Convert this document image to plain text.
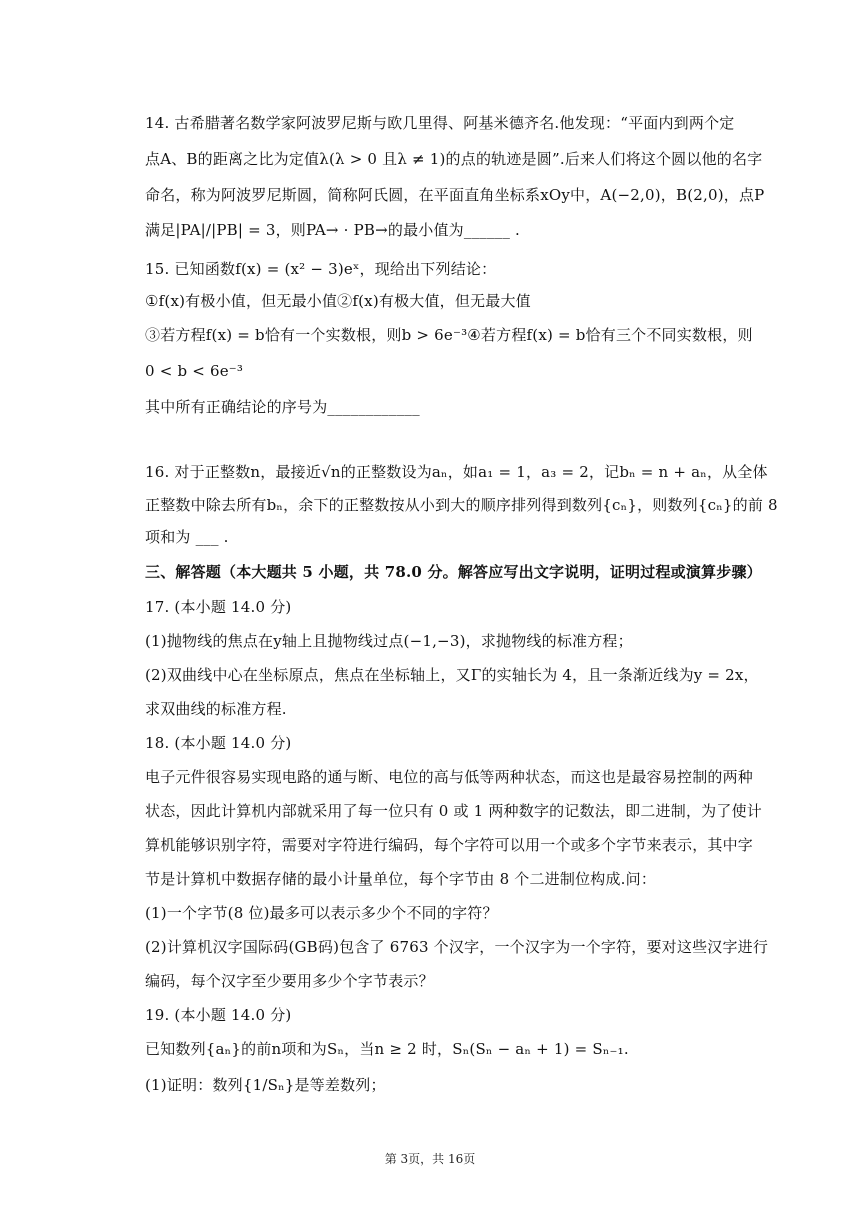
14. 古希腊著名数学家阿波罗尼斯与欧几里得、阿基米德齐名.他发现：“平面内到两个定
点A、B的距离之比为定值λ(λ > 0 且λ ≠ 1)的点的轨迹是圆”.后来人们将这个圆以他的名字
命名，称为阿波罗尼斯圆，简称阿氏圆，在平面直角坐标系xOy中，A(−2,0)，B(2,0)，点P
满足|PA|/|PB| = 3，则PA→ · PB→的最小值为______ .
15. 已知函数f(x) = (x² − 3)eˣ，现给出下列结论：
①f(x)有极小值，但无最小值②f(x)有极大值，但无最大值
③若方程f(x) = b恰有一个实数根，则b > 6e⁻³④若方程f(x) = b恰有三个不同实数根，则
0 < b < 6e⁻³
其中所有正确结论的序号为____________
16. 对于正整数n，最接近√n的正整数设为aₙ，如a₁ = 1，a₃ = 2，记bₙ = n + aₙ，从全体
正整数中除去所有bₙ，余下的正整数按从小到大的顺序排列得到数列{cₙ}，则数列{cₙ}的前 8
项和为 ___ .
三、解答题（本大题共 5 小题，共 78.0 分。解答应写出文字说明，证明过程或演算步骤）
17. (本小题 14.0 分)
(1)抛物线的焦点在y轴上且抛物线过点(−1,−3)，求抛物线的标准方程；
(2)双曲线中心在坐标原点，焦点在坐标轴上，又Γ的实轴长为 4，且一条渐近线为y = 2x，
求双曲线的标准方程.
18. (本小题 14.0 分)
电子元件很容易实现电路的通与断、电位的高与低等两种状态，而这也是最容易控制的两种
状态，因此计算机内部就采用了每一位只有 0 或 1 两种数字的记数法，即二进制，为了使计
算机能够识别字符，需要对字符进行编码，每个字符可以用一个或多个字节来表示，其中字
节是计算机中数据存储的最小计量单位，每个字节由 8 个二进制位构成.问：
(1)一个字节(8 位)最多可以表示多少个不同的字符？
(2)计算机汉字国际码(GB码)包含了 6763 个汉字，一个汉字为一个字符，要对这些汉字进行
编码，每个汉字至少要用多少个字节表示？
19. (本小题 14.0 分)
已知数列{aₙ}的前n项和为Sₙ，当n ≥ 2 时，Sₙ(Sₙ − aₙ + 1) = Sₙ₋₁.
(1)证明：数列{1/Sₙ}是等差数列；
第 3页，共 16页
